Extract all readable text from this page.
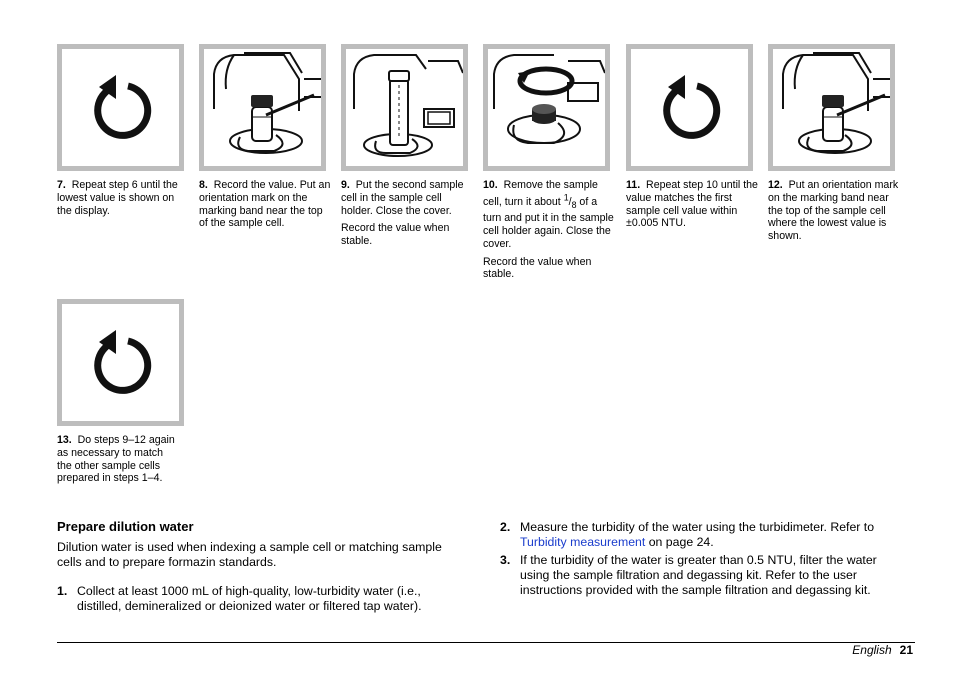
7. Repeat step 6 until the lowest value is shown on the display.

8. Record the value. Put an orientation mark on the marking band near the top of the sample cell.

9. Put the second sample cell in the sample cell holder. Close the cover.

Record the value when stable.

10. Remove the sample cell, turn it about $^1/_8$ of a turn and put it in the sample cell holder again. Close the cover.

Record the value when stable.

11. Repeat step 10 until the value matches the first sample cell value within ±0.005 NTU.

12. Put an orientation mark on the marking band near the top of the sample cell where the lowest value is shown.

13. Do steps 9–12 again as necessary to match the other sample cells prepared in steps 1–4.

Prepare dilution water

Dilution water is used when indexing a sample cell or matching sample cells and to prepare formazin standards.

1. Collect at least 1000 mL of high-quality, low-turbidity water (i.e., distilled, demineralized or deionized water or filtered tap water).
2. Measure the turbidity of the water using the turbidimeter. Refer to Turbidity measurement on page 24.
3. If the turbidity of the water is greater than 0.5 NTU, filter the water using the sample filtration and degassing kit. Refer to the user instructions provided with the sample filtration and degassing kit.
English 21
